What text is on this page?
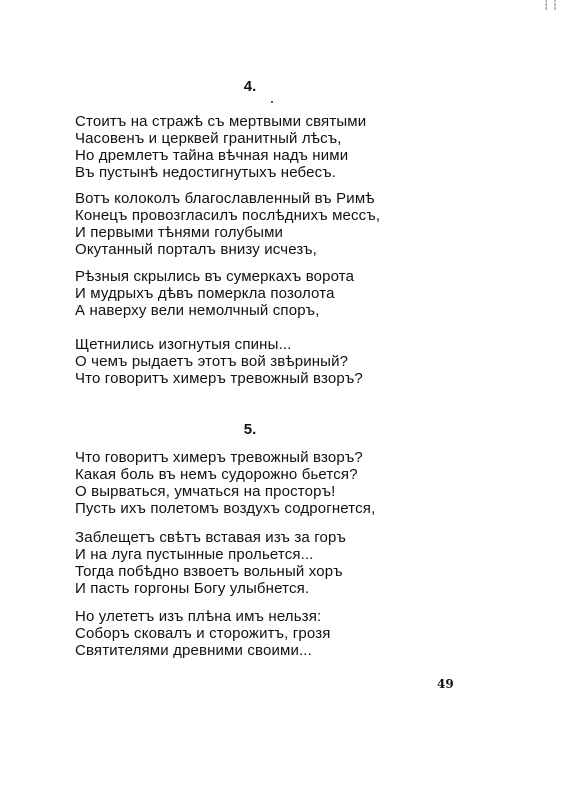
┆ ┆
4.
Стоитъ на стражѣ съ мертвыми святыми
Часовенъ и церквей гранитный лѣсъ,
Но дремлетъ тайна вѣчная надъ ними
Въ пустынѣ недостигнутыхъ небесъ.
Вотъ колоколъ благославленный въ Римѣ
Конецъ провозгласилъ послѣднихъ мессъ,
И первыми тѣнями голубыми
Окутанный порталъ внизу исчезъ,
Рѣзныя скрылись въ сумеркахъ ворота
И мудрыхъ дѣвъ померкла позолота
А наверху вели немолчный споръ,
Щетнились изогнутыя спины...
О чемъ рыдаетъ этотъ вой звѣриный?
Что говоритъ химеръ тревожный взоръ?
5.
Что говоритъ химеръ тревожный взоръ?
Какая боль въ немъ судорожно бьется?
О вырваться, умчаться на просторъ!
Пусть ихъ полетомъ воздухъ содрогнется,
Заблещетъ свѣтъ вставая изъ за горъ
И на луга пустынные прольется...
Тогда побѣдно взвоетъ вольный хоръ
И пасть горгоны Богу улыбнется.
Но улететъ изъ плѣна имъ нельзя:
Соборъ сковалъ и сторожитъ, грозя
Святителями древними своими...
49
